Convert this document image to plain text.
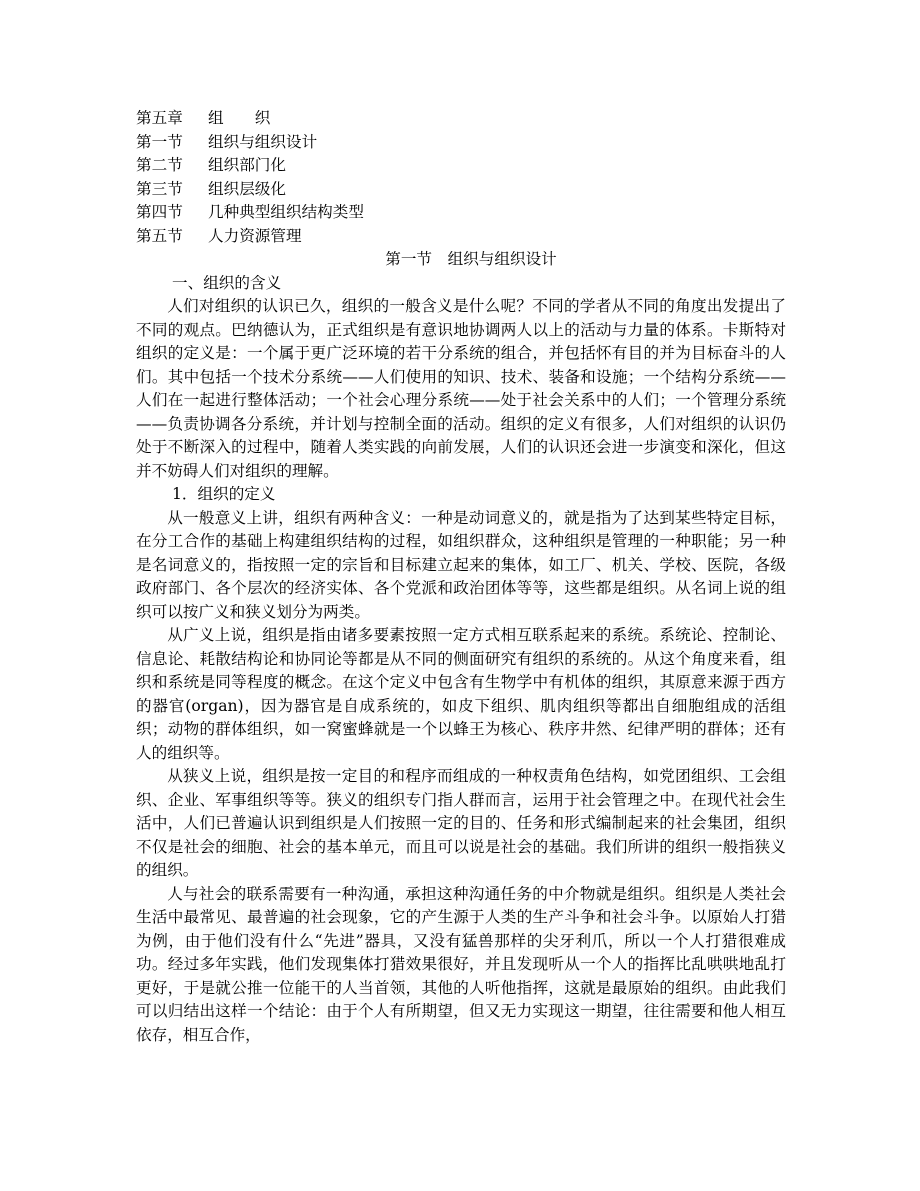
第五章	组　　织
第一节	组织与组织设计
第二节	组织部门化
第三节	组织层级化
第四节	几种典型组织结构类型
第五节	人力资源管理
第一节　组织与组织设计
一、组织的含义

人们对组织的认识已久，组织的一般含义是什么呢？不同的学者从不同的角度出发提出了不同的观点。巴纳德认为，正式组织是有意识地协调两人以上的活动与力量的体系。卡斯特对组织的定义是：一个属于更广泛环境的若干分系统的组合，并包括怀有目的并为目标奋斗的人们。其中包括一个技术分系统——人们使用的知识、技术、装备和设施；一个结构分系统——人们在一起进行整体活动；一个社会心理分系统——处于社会关系中的人们；一个管理分系统——负责协调各分系统，并计划与控制全面的活动。组织的定义有很多，人们对组织的认识仍处于不断深入的过程中，随着人类实践的向前发展，人们的认识还会进一步演变和深化，但这并不妨碍人们对组织的理解。

1．组织的定义

从一般意义上讲，组织有两种含义：一种是动词意义的，就是指为了达到某些特定目标，在分工合作的基础上构建组织结构的过程，如组织群众，这种组织是管理的一种职能；另一种是名词意义的，指按照一定的宗旨和目标建立起来的集体，如工厂、机关、学校、医院，各级政府部门、各个层次的经济实体、各个党派和政治团体等等，这些都是组织。从名词上说的组织可以按广义和狭义划分为两类。

从广义上说，组织是指由诸多要素按照一定方式相互联系起来的系统。系统论、控制论、信息论、耗散结构论和协同论等都是从不同的侧面研究有组织的系统的。从这个角度来看，组织和系统是同等程度的概念。在这个定义中包含有生物学中有机体的组织，其原意来源于西方的器官(organ)，因为器官是自成系统的，如皮下组织、肌肉组织等都出自细胞组成的活组织；动物的群体组织，如一窝蜜蜂就是一个以蜂王为核心、秩序井然、纪律严明的群体；还有人的组织等。

从狭义上说，组织是按一定目的和程序而组成的一种权责角色结构，如党团组织、工会组织、企业、军事组织等等。狭义的组织专门指人群而言，运用于社会管理之中。在现代社会生活中，人们已普遍认识到组织是人们按照一定的目的、任务和形式编制起来的社会集团，组织不仅是社会的细胞、社会的基本单元，而且可以说是社会的基础。我们所讲的组织一般指狭义的组织。

人与社会的联系需要有一种沟通，承担这种沟通任务的中介物就是组织。组织是人类社会生活中最常见、最普遍的社会现象，它的产生源于人类的生产斗争和社会斗争。以原始人打猎为例，由于他们没有什么“先进”器具，又没有猛兽那样的尖牙利爪，所以一个人打猎很难成功。经过多年实践，他们发现集体打猎效果很好，并且发现听从一个人的指挥比乱哄哄地乱打更好，于是就公推一位能干的人当首领，其他的人听他指挥，这就是最原始的组织。由此我们可以归结出这样一个结论：由于个人有所期望，但又无力实现这一期望，往往需要和他人相互依存，相互合作，
